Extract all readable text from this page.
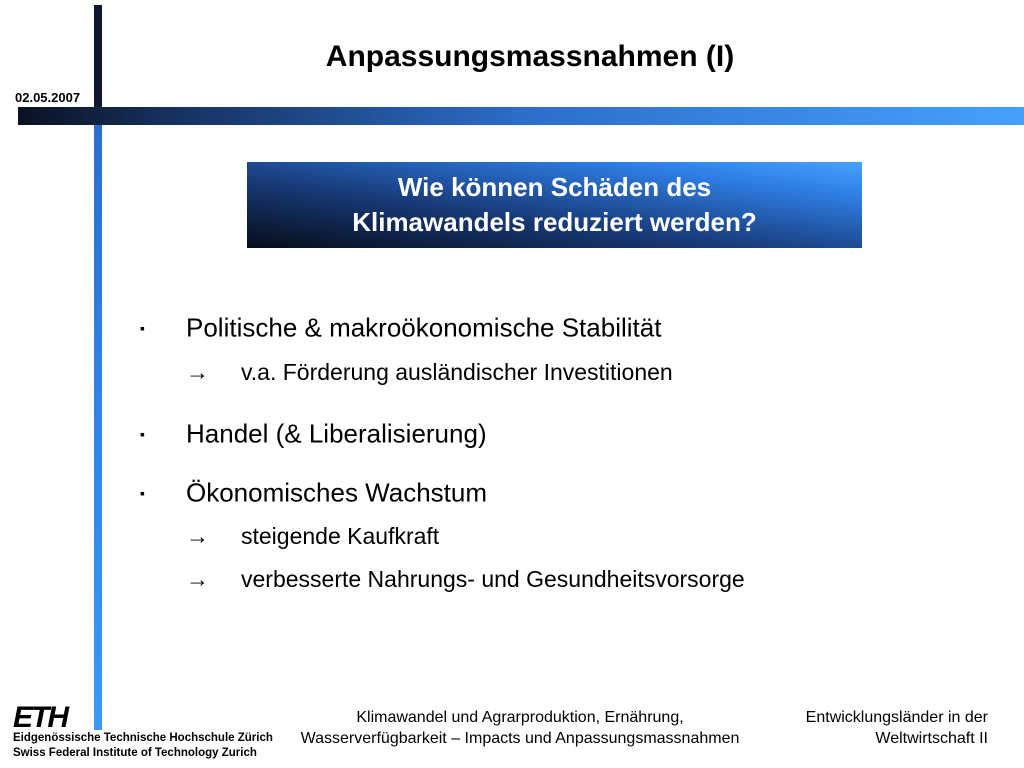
02.05.2007
Anpassungsmassnahmen (I)
Wie können Schäden des
Klimawandels reduziert werden?
▪ Politische & makroökonomische Stabilität
→ v.a. Förderung ausländischer Investitionen
▪ Handel (& Liberalisierung)
▪ Ökonomisches Wachstum
→ steigende Kaufkraft
→ verbesserte Nahrungs- und Gesundheitsvorsorge
ETH
Eidgenössische Technische Hochschule Zürich
Swiss Federal Institute of Technology Zurich
Klimawandel und Agrarproduktion, Ernährung,
Wasserverfügbarkeit – Impacts und Anpassungsmassnahmen
Entwicklungsländer in der
Weltwirtschaft II
